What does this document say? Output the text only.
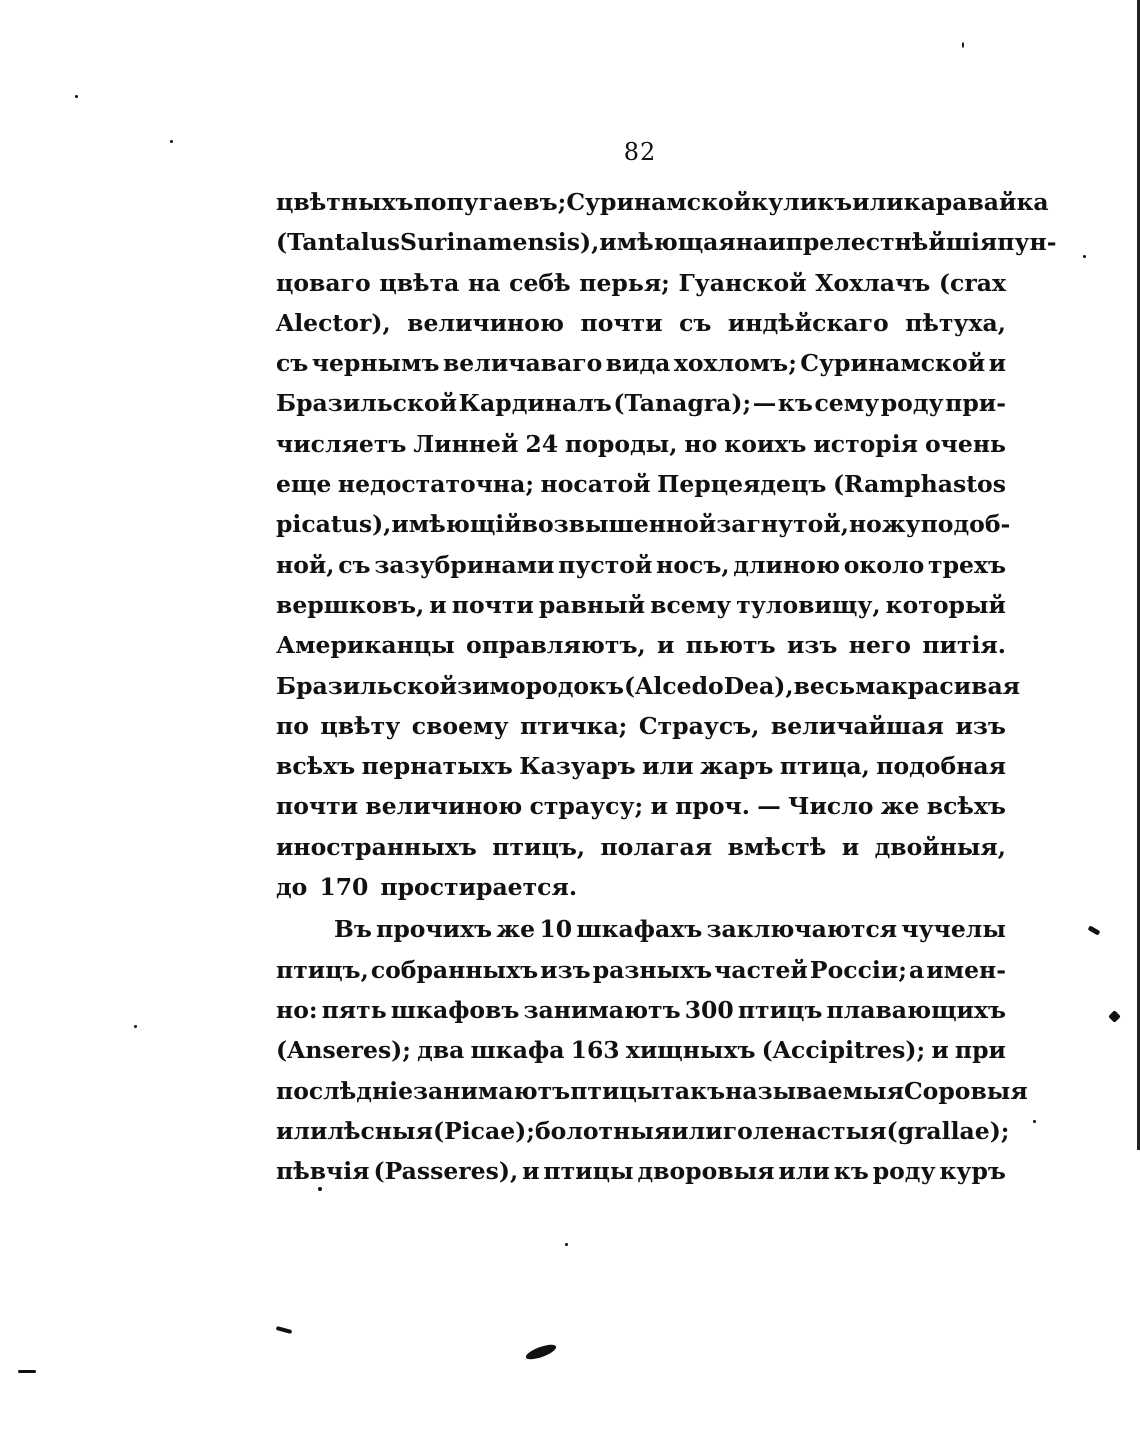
82
цвѣтныхъ попугаевъ; Суринамской куликъ или каравайка
(Tantalus Surinamensis), имѣющая наипрелестнѣйшія пун-
цоваго цвѣта на себѣ перья; Гуанской Хохлачъ (crax
Alector), величиною почти съ индѣйскаго пѣтуха,
съ чернымъ величаваго вида хохломъ; Суринамской и
Бразильской Кардиналъ (Tanagra); — къ сему роду при-
числяетъ Линней 24 породы, но коихъ исторія очень
еще недостаточна; носатой Перцеядецъ (Ramphastos
picatus), имѣющій возвышенной загнутой, ножу подоб-
ной, съ зазубринами пустой носъ, длиною около трехъ
вершковъ, и почти равный всему туловищу, который
Американцы оправляютъ, и пьютъ изъ него питія.
Бразильской зимородокъ (Alcedo Dea), весьма красивая
по цвѣту своему птичка; Страусъ, величайшая изъ
всѣхъ пернатыхъ Казуаръ или жаръ птица, подобная
почти величиною страусу; и проч. — Число же всѣхъ
иностранныхъ птицъ, полагая вмѣстѣ и двойныя,
до 170 простирается.
Въ прочихъ же 10 шкафахъ заключаются чучелы
птицъ, собранныхъ изъ разныхъ частей Россіи; а имен-
но: пять шкафовъ занимаютъ 300 птицъ плавающихъ
(Anseres); два шкафа 163 хищныхъ (Accipitres); и при
послѣдніе занимаютъ птицы такъ называемыя Соровыя
или лѣсныя (Picae); болотныя или голенастыя (grallae);
пѣвчія (Passeres), и птицы дворовыя или къ роду куръ
